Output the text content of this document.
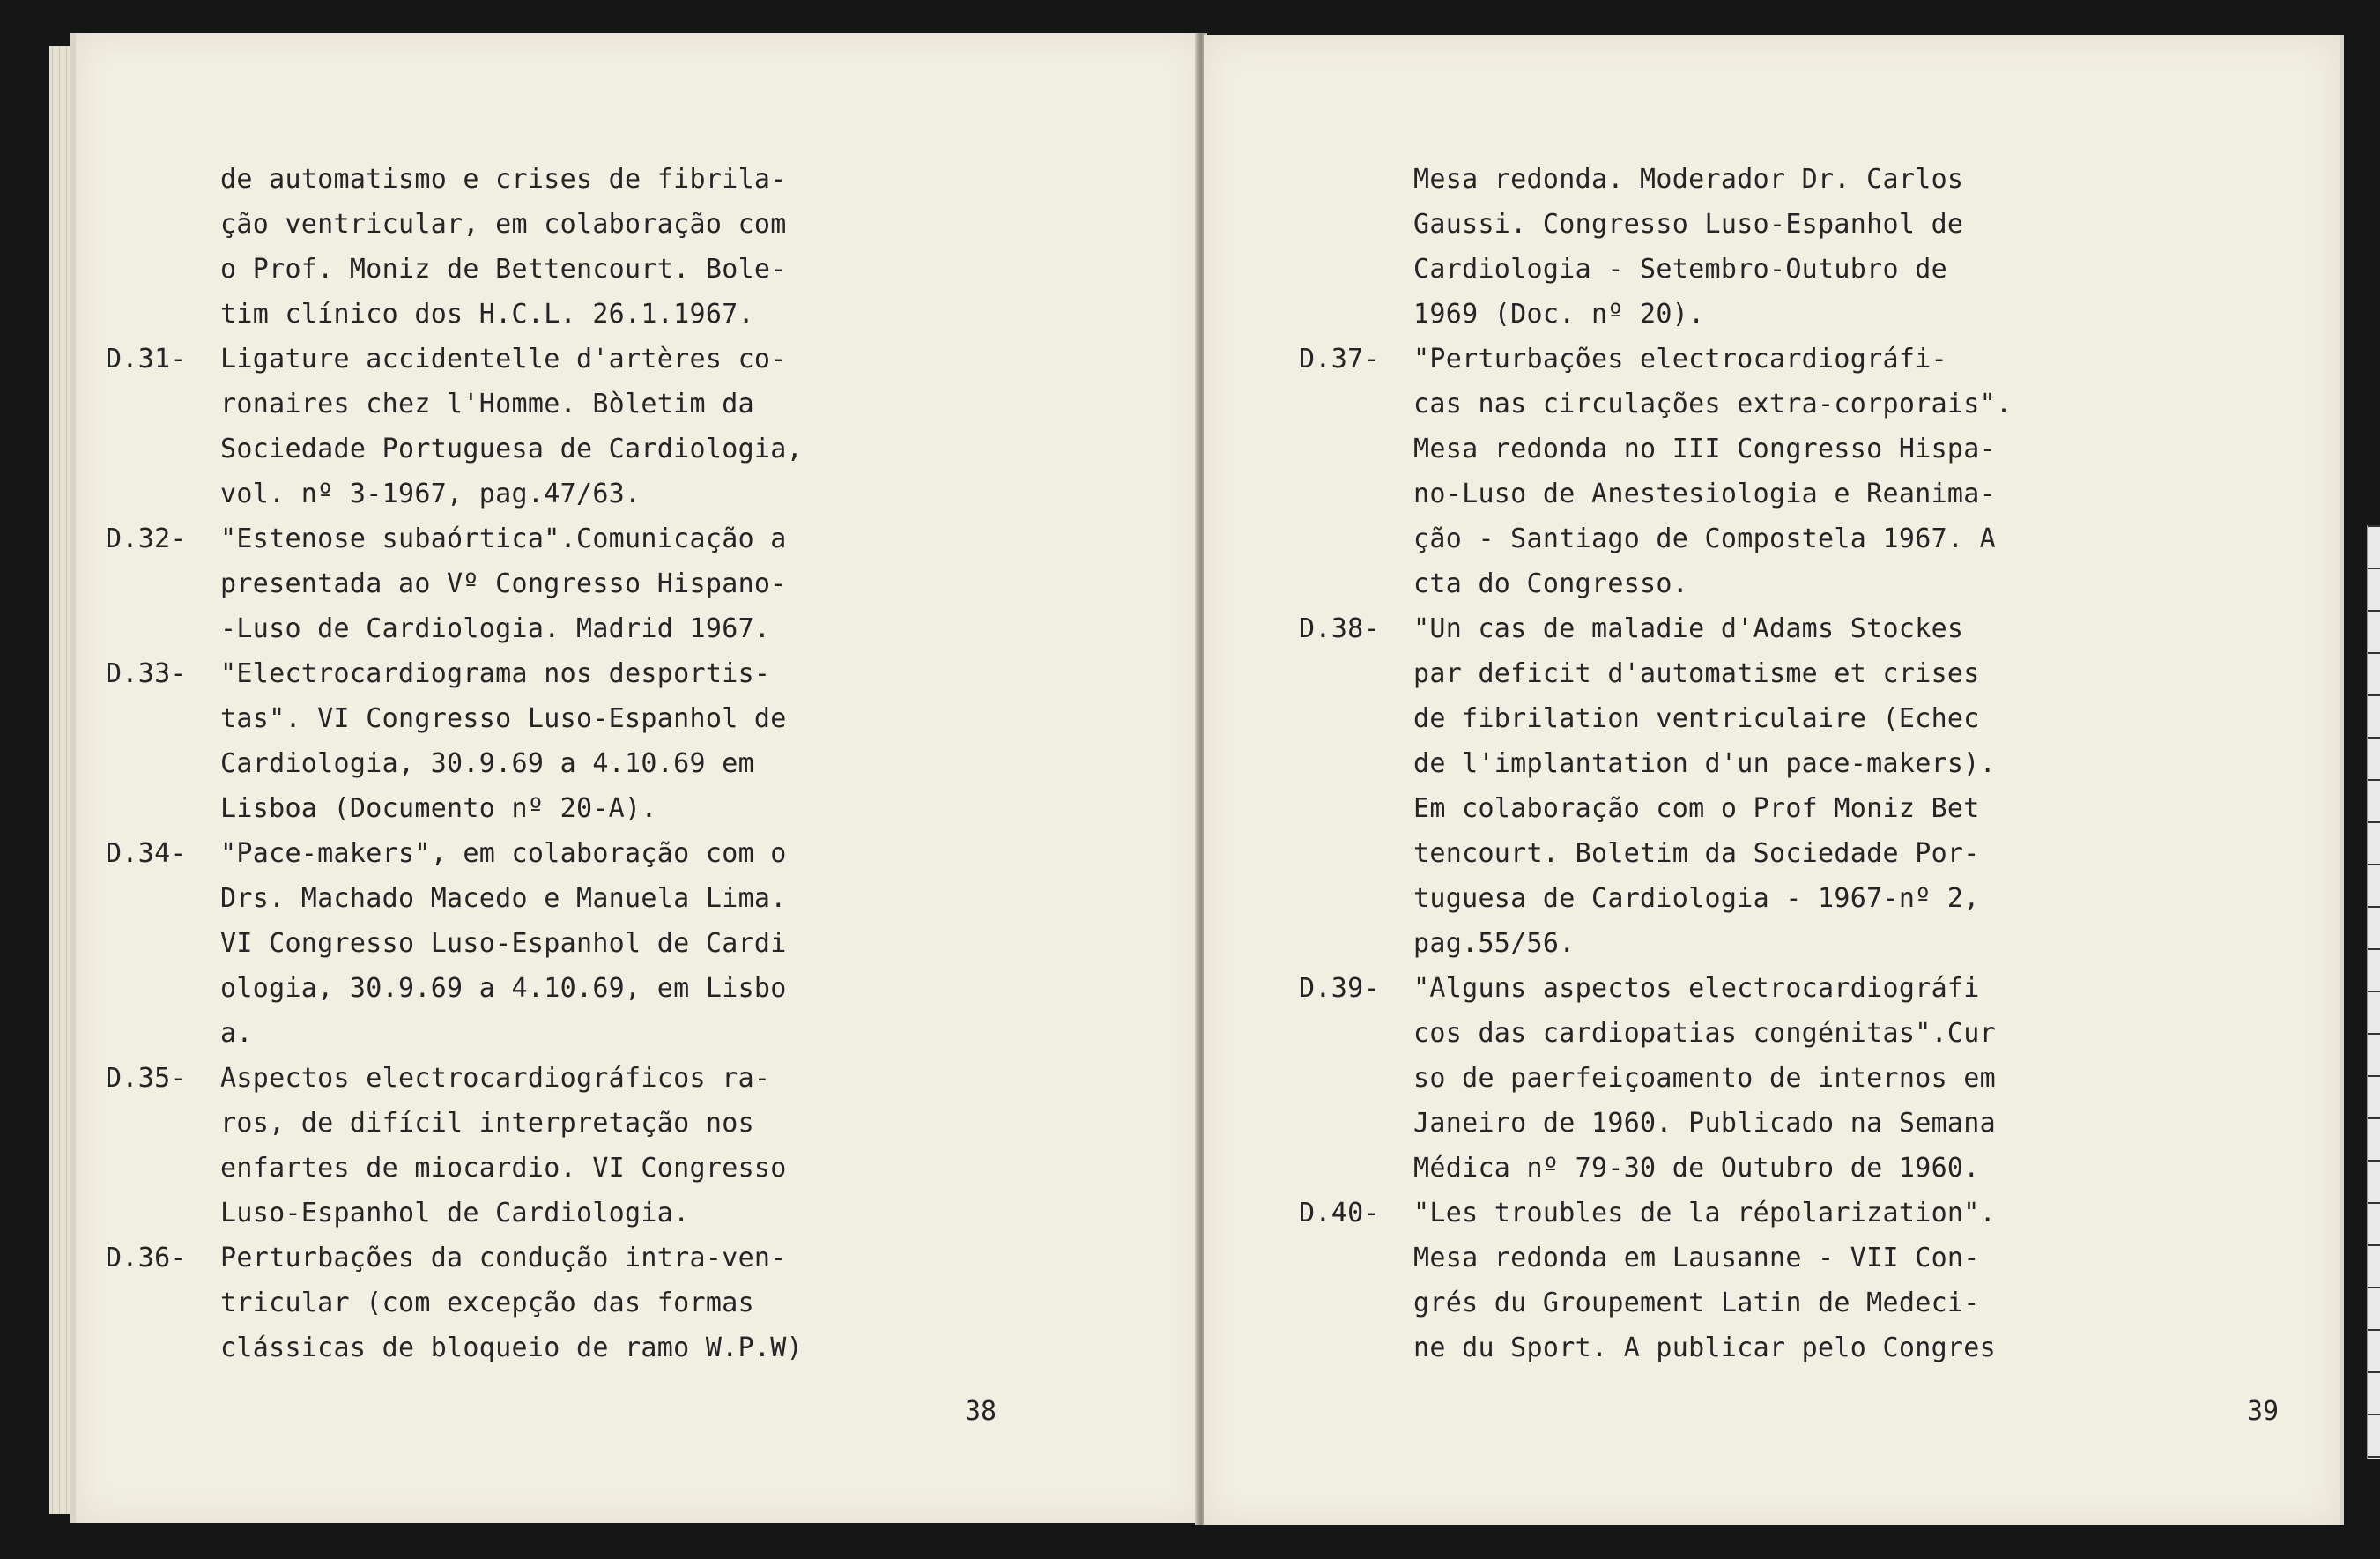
de automatismo e crises de fibrila-
ção ventricular, em colaboração com
o Prof. Moniz de Bettencourt. Bole-
tim clínico dos H.C.L. 26.1.1967.
D.31-	Ligature accidentelle d'artères co-
ronaires chez l'Homme. Bòletim da
Sociedade Portuguesa de Cardiologia,
vol. nº 3-1967, pag.47/63.
D.32-	"Estenose subaórtica".Comunicação a
presentada ao Vº Congresso Hispano-
-Luso de Cardiologia. Madrid 1967.
D.33-	"Electrocardiograma nos desportis-
tas". VI Congresso Luso-Espanhol de
Cardiologia, 30.9.69 a 4.10.69 em
Lisboa (Documento nº 20-A).
D.34-	"Pace-makers", em colaboração com o
Drs. Machado Macedo e Manuela Lima.
VI Congresso Luso-Espanhol de Cardi
ologia, 30.9.69 a 4.10.69, em Lisbo
a.
D.35-	Aspectos electrocardiográficos ra-
ros, de difícil interpretação nos
enfartes de miocardio. VI Congresso
Luso-Espanhol de Cardiologia.
D.36-	Perturbações da condução intra-ven-
tricular (com excepção das formas
clássicas de bloqueio de ramo W.P.W)
Mesa redonda. Moderador Dr. Carlos
Gaussi. Congresso Luso-Espanhol de
Cardiologia - Setembro-Outubro de
1969 (Doc. nº 20).
D.37-	"Perturbações electrocardiográfi-
cas nas circulações extra-corporais".
Mesa redonda no III Congresso Hispa-
no-Luso de Anestesiologia e Reanima-
ção - Santiago de Compostela 1967. A
cta do Congresso.
D.38-	"Un cas de maladie d'Adams Stockes
par deficit d'automatisme et crises
de fibrilation ventriculaire (Echec
de l'implantation d'un pace-makers).
Em colaboração com o Prof Moniz Bet
tencourt. Boletim da Sociedade Por-
tuguesa de Cardiologia - 1967-nº 2,
pag.55/56.
D.39-	"Alguns aspectos electrocardiográfi
cos das cardiopatias congénitas".Cur
so de paerfeiçoamento de internos em
Janeiro de 1960. Publicado na Semana
Médica nº 79-30 de Outubro de 1960.
D.40-	"Les troubles de la répolarization".
Mesa redonda em Lausanne - VII Con-
grés du Groupement Latin de Medeci-
ne du Sport. A publicar pelo Congres
38	39
